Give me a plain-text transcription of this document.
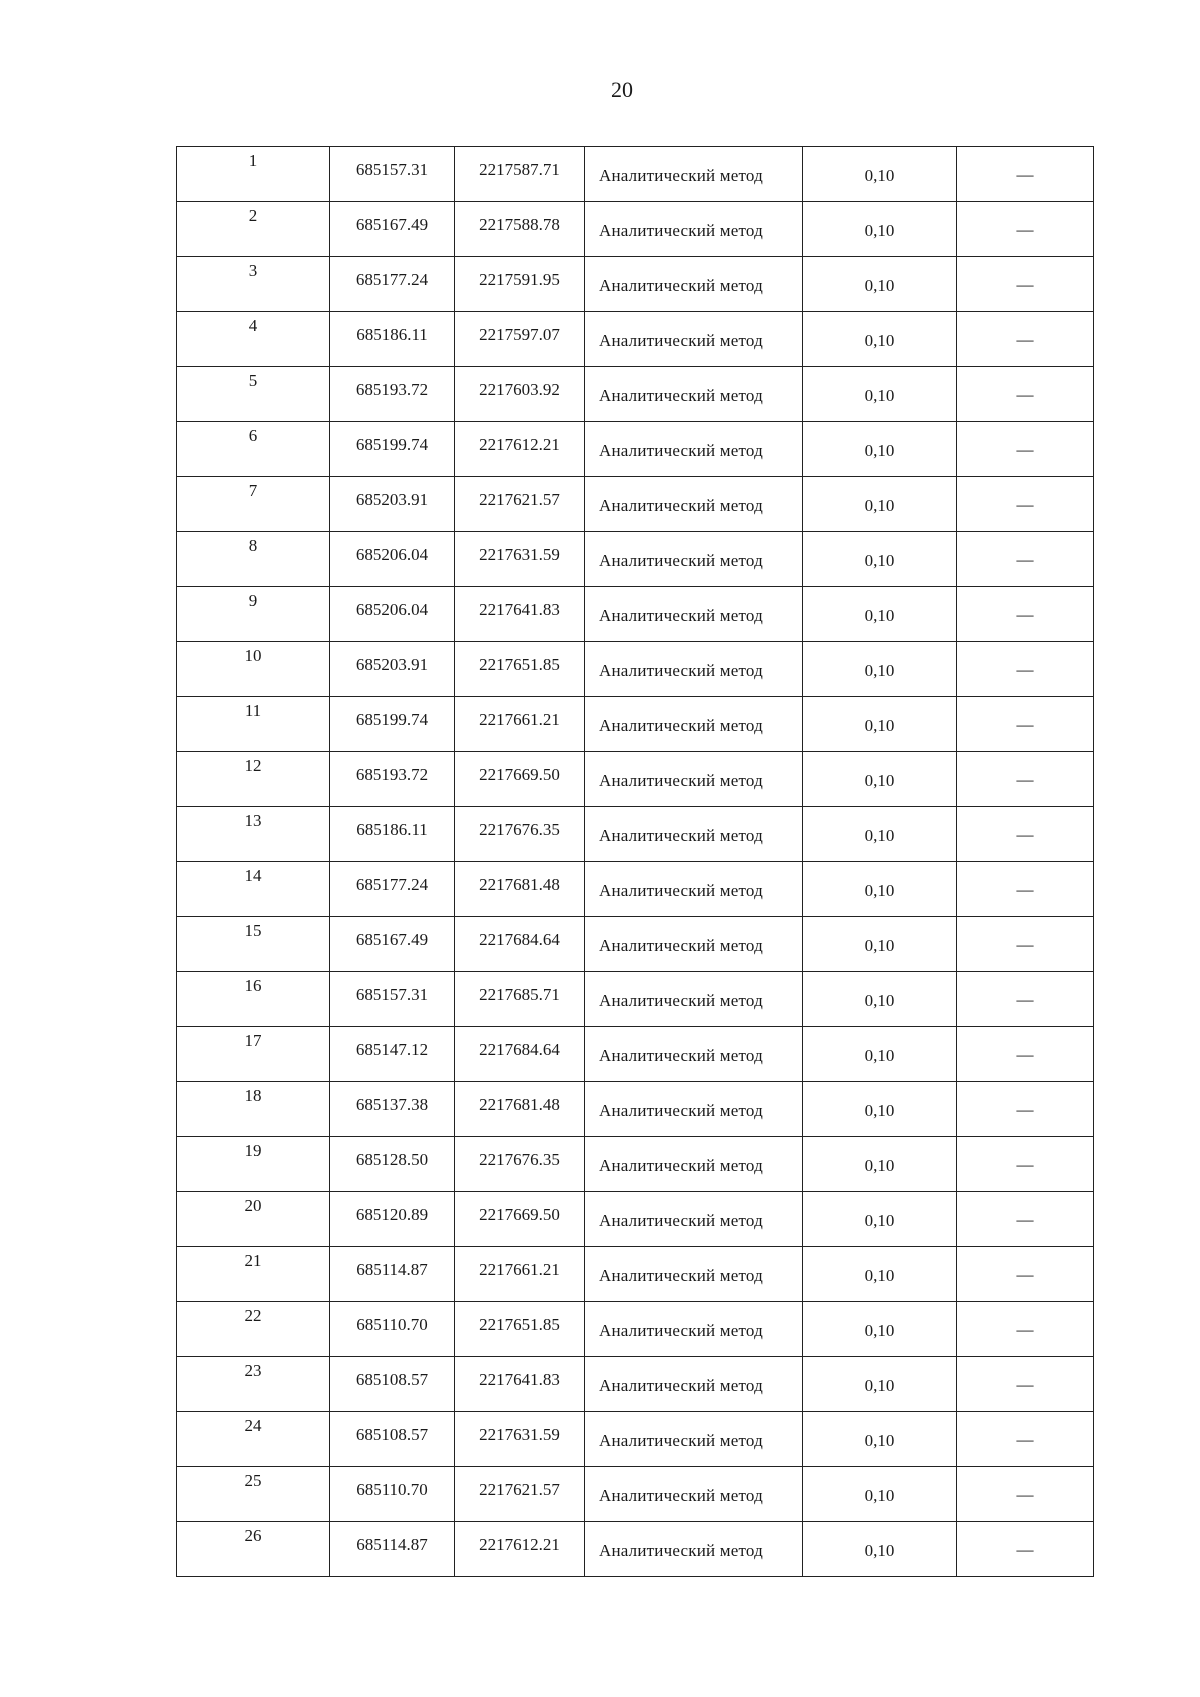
20
1	685157.31	2217587.71	Аналитический метод	0,10	—
2	685167.49	2217588.78	Аналитический метод	0,10	—
3	685177.24	2217591.95	Аналитический метод	0,10	—
4	685186.11	2217597.07	Аналитический метод	0,10	—
5	685193.72	2217603.92	Аналитический метод	0,10	—
6	685199.74	2217612.21	Аналитический метод	0,10	—
7	685203.91	2217621.57	Аналитический метод	0,10	—
8	685206.04	2217631.59	Аналитический метод	0,10	—
9	685206.04	2217641.83	Аналитический метод	0,10	—
10	685203.91	2217651.85	Аналитический метод	0,10	—
11	685199.74	2217661.21	Аналитический метод	0,10	—
12	685193.72	2217669.50	Аналитический метод	0,10	—
13	685186.11	2217676.35	Аналитический метод	0,10	—
14	685177.24	2217681.48	Аналитический метод	0,10	—
15	685167.49	2217684.64	Аналитический метод	0,10	—
16	685157.31	2217685.71	Аналитический метод	0,10	—
17	685147.12	2217684.64	Аналитический метод	0,10	—
18	685137.38	2217681.48	Аналитический метод	0,10	—
19	685128.50	2217676.35	Аналитический метод	0,10	—
20	685120.89	2217669.50	Аналитический метод	0,10	—
21	685114.87	2217661.21	Аналитический метод	0,10	—
22	685110.70	2217651.85	Аналитический метод	0,10	—
23	685108.57	2217641.83	Аналитический метод	0,10	—
24	685108.57	2217631.59	Аналитический метод	0,10	—
25	685110.70	2217621.57	Аналитический метод	0,10	—
26	685114.87	2217612.21	Аналитический метод	0,10	—
